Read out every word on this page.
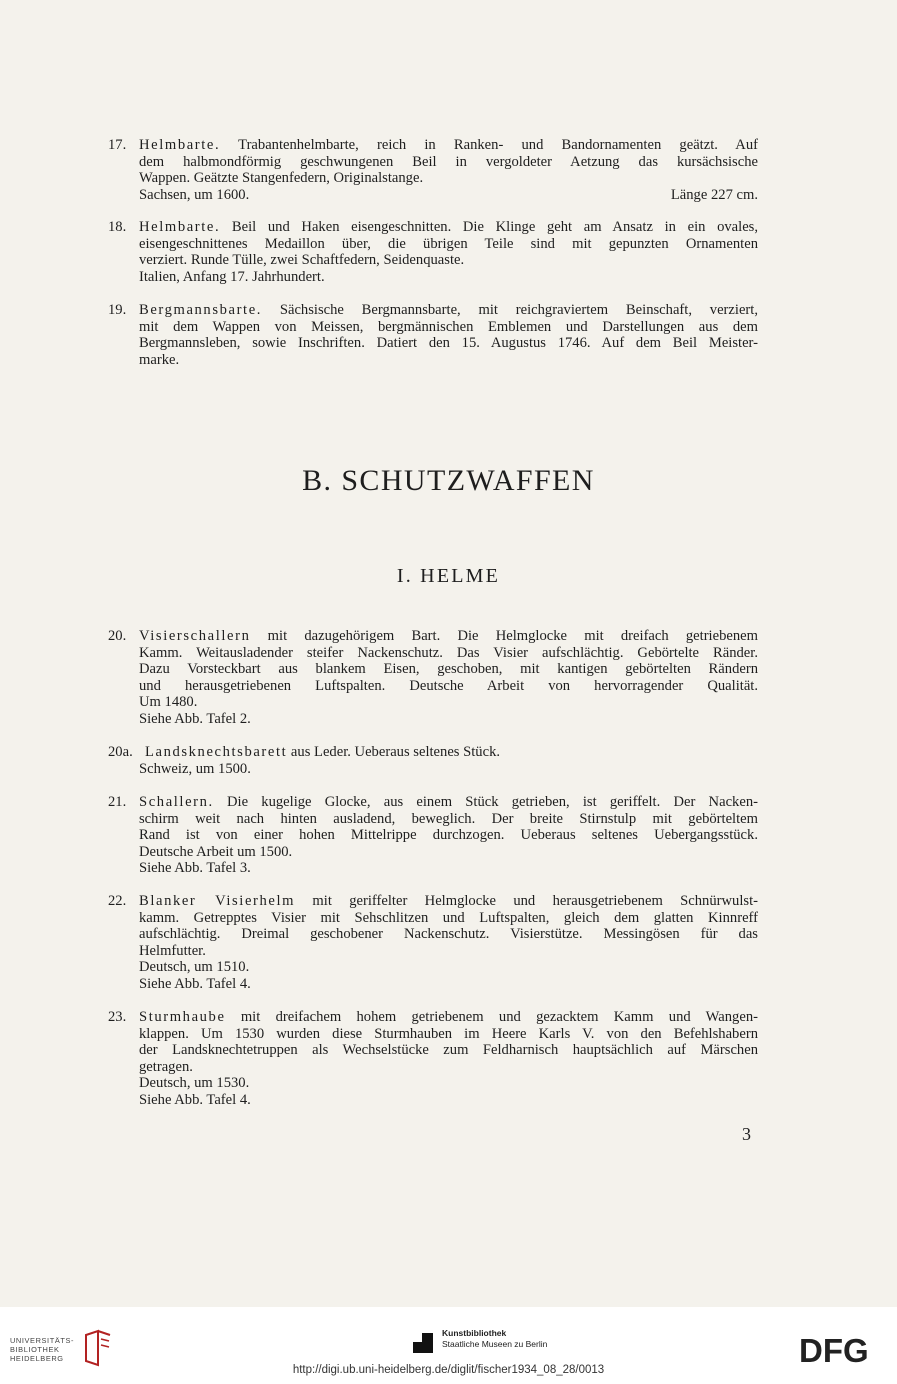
17. Helmbarte. Trabantenhelmbarte, reich in Ranken- und Bandornamenten geätzt. Auf
dem halbmondförmig geschwungenen Beil in vergoldeter Aetzung das kursächsische
Wappen. Geätzte Stangenfedern, Originalstange.
Sachsen, um 1600.	Länge 227 cm.
18. Helmbarte. Beil und Haken eisengeschnitten. Die Klinge geht am Ansatz in ein ovales,
eisengeschnittenes Medaillon über, die übrigen Teile sind mit gepunzten Ornamenten
verziert. Runde Tülle, zwei Schaftfedern, Seidenquaste.
Italien, Anfang 17. Jahrhundert.
19. Bergmannsbarte. Sächsische Bergmannsbarte, mit reichgraviertem Beinschaft, verziert,
mit dem Wappen von Meissen, bergmännischen Emblemen und Darstellungen aus dem
Bergmannsleben, sowie Inschriften. Datiert den 15. Augustus 1746. Auf dem Beil Meister-
marke.
B. SCHUTZWAFFEN
I. HELME
20. Visierschallern mit dazugehörigem Bart. Die Helmglocke mit dreifach getriebenem
Kamm. Weitausladender steifer Nackenschutz. Das Visier aufschlächtig. Gebörtelte Ränder.
Dazu Vorsteckbart aus blankem Eisen, geschoben, mit kantigen gebörtelten Rändern
und herausgetriebenen Luftspalten. Deutsche Arbeit von hervorragender Qualität.
Um 1480.
Siehe Abb. Tafel 2.
20a. Landsknechtsbarett aus Leder. Ueberaus seltenes Stück.
Schweiz, um 1500.
21. Schallern. Die kugelige Glocke, aus einem Stück getrieben, ist geriffelt. Der Nacken-
schirm weit nach hinten ausladend, beweglich. Der breite Stirnstulp mit gebörteltem
Rand ist von einer hohen Mittelrippe durchzogen. Ueberaus seltenes Uebergangsstück.
Deutsche Arbeit um 1500.
Siehe Abb. Tafel 3.
22. Blanker Visierhelm mit geriffelter Helmglocke und herausgetriebenem Schnürwulst-
kamm. Getrepptes Visier mit Sehschlitzen und Luftspalten, gleich dem glatten Kinnreff
aufschlächtig. Dreimal geschobener Nackenschutz. Visierstütze. Messingösen für das
Helmfutter.
Deutsch, um 1510.
Siehe Abb. Tafel 4.
23. Sturmhaube mit dreifachem hohem getriebenem und gezacktem Kamm und Wangen-
klappen. Um 1530 wurden diese Sturmhauben im Heere Karls V. von den Befehlshabern
der Landsknechtetruppen als Wechselstücke zum Feldharnisch hauptsächlich auf Märschen
getragen.
Deutsch, um 1530.
Siehe Abb. Tafel 4.
3
UNIVERSITÄTS-
BIBLIOTHEK
HEIDELBERG
Kunstbibliothek
Staatliche Museen zu Berlin	DFG
http://digi.ub.uni-heidelberg.de/diglit/fischer1934_08_28/0013
